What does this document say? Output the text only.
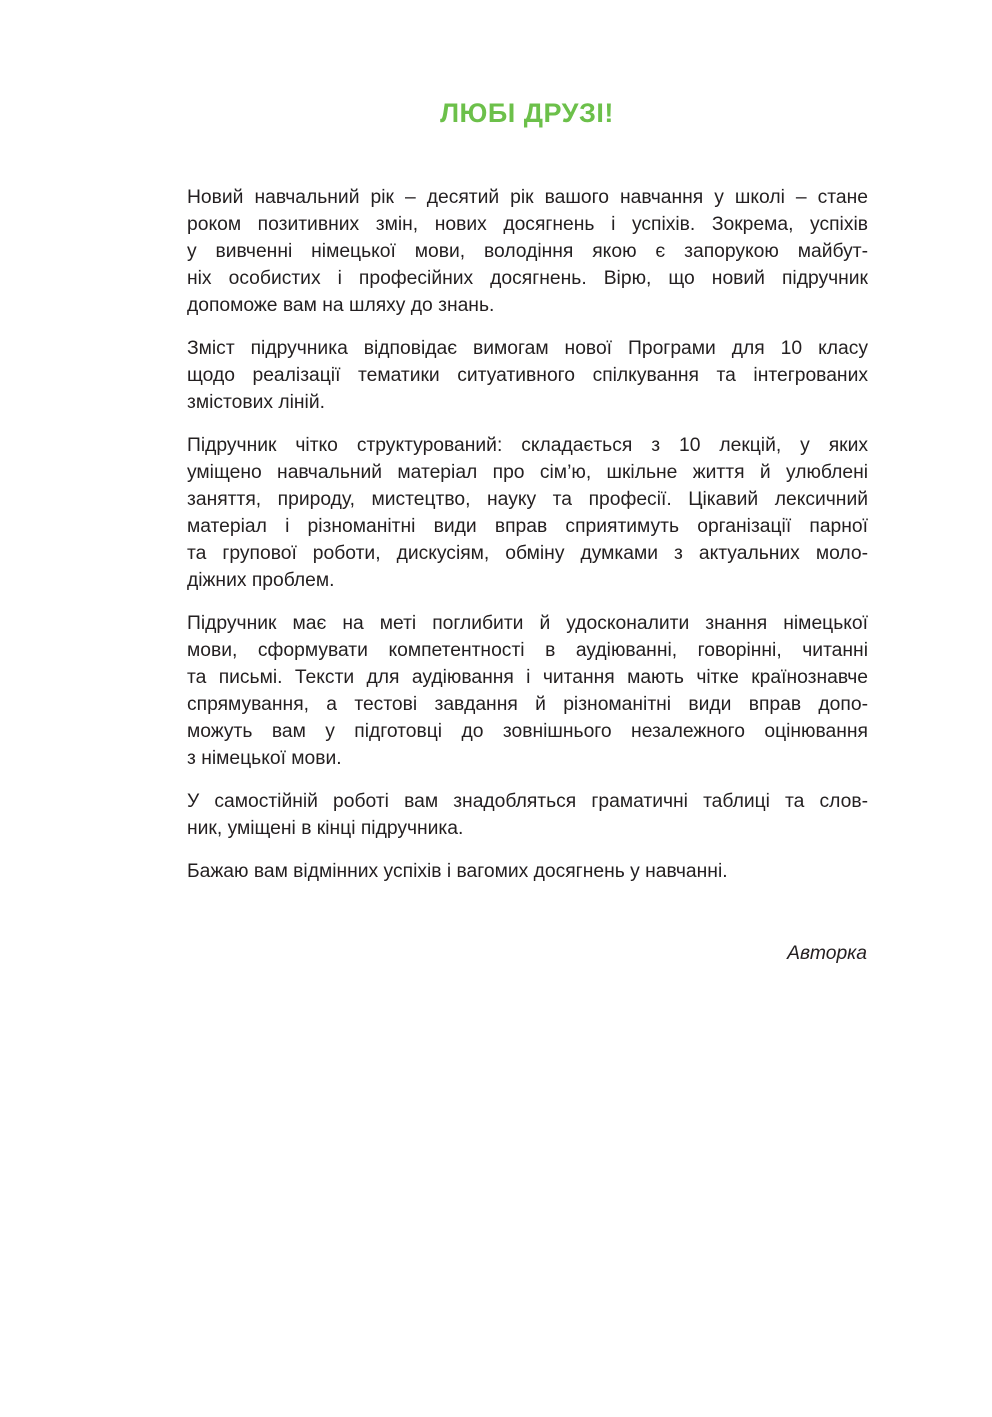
ЛЮБІ ДРУЗІ!

Новий навчальний рік – десятий рік вашого навчання у школі – стане
роком позитивних змін, нових досягнень і успіхів. Зокрема, успіхів
у вивченні німецької мови, володіння якою є запорукою майбут-
ніх особистих і професійних досягнень. Вірю, що новий підручник
допоможе вам на шляху до знань.

Зміст підручника відповідає вимогам нової Програми для 10 класу
щодо реалізації тематики ситуативного спілкування та інтегрованих
змістових ліній.

Підручник чітко структурований: складається з 10 лекцій, у яких
уміщено навчальний матеріал про сім’ю, шкільне життя й улюблені
заняття, природу, мистецтво, науку та професії. Цікавий лексичний
матеріал і різноманітні види вправ сприятимуть організації парної
та групової роботи, дискусіям, обміну думками з актуальних моло-
діжних проблем.

Підручник має на меті поглибити й удосконалити знання німецької
мови, сформувати компетентності в аудіюванні, говорінні, читанні
та письмі. Тексти для аудіювання і читання мають чітке країнознавче
спрямування, а тестові завдання й різноманітні види вправ допо-
можуть вам у підготовці до зовнішнього незалежного оцінювання
з німецької мови.

У самостійній роботі вам знадобляться граматичні таблиці та слов-
ник, уміщені в кінці підручника.

Бажаю вам відмінних успіхів і вагомих досягнень у навчанні.

Авторка
